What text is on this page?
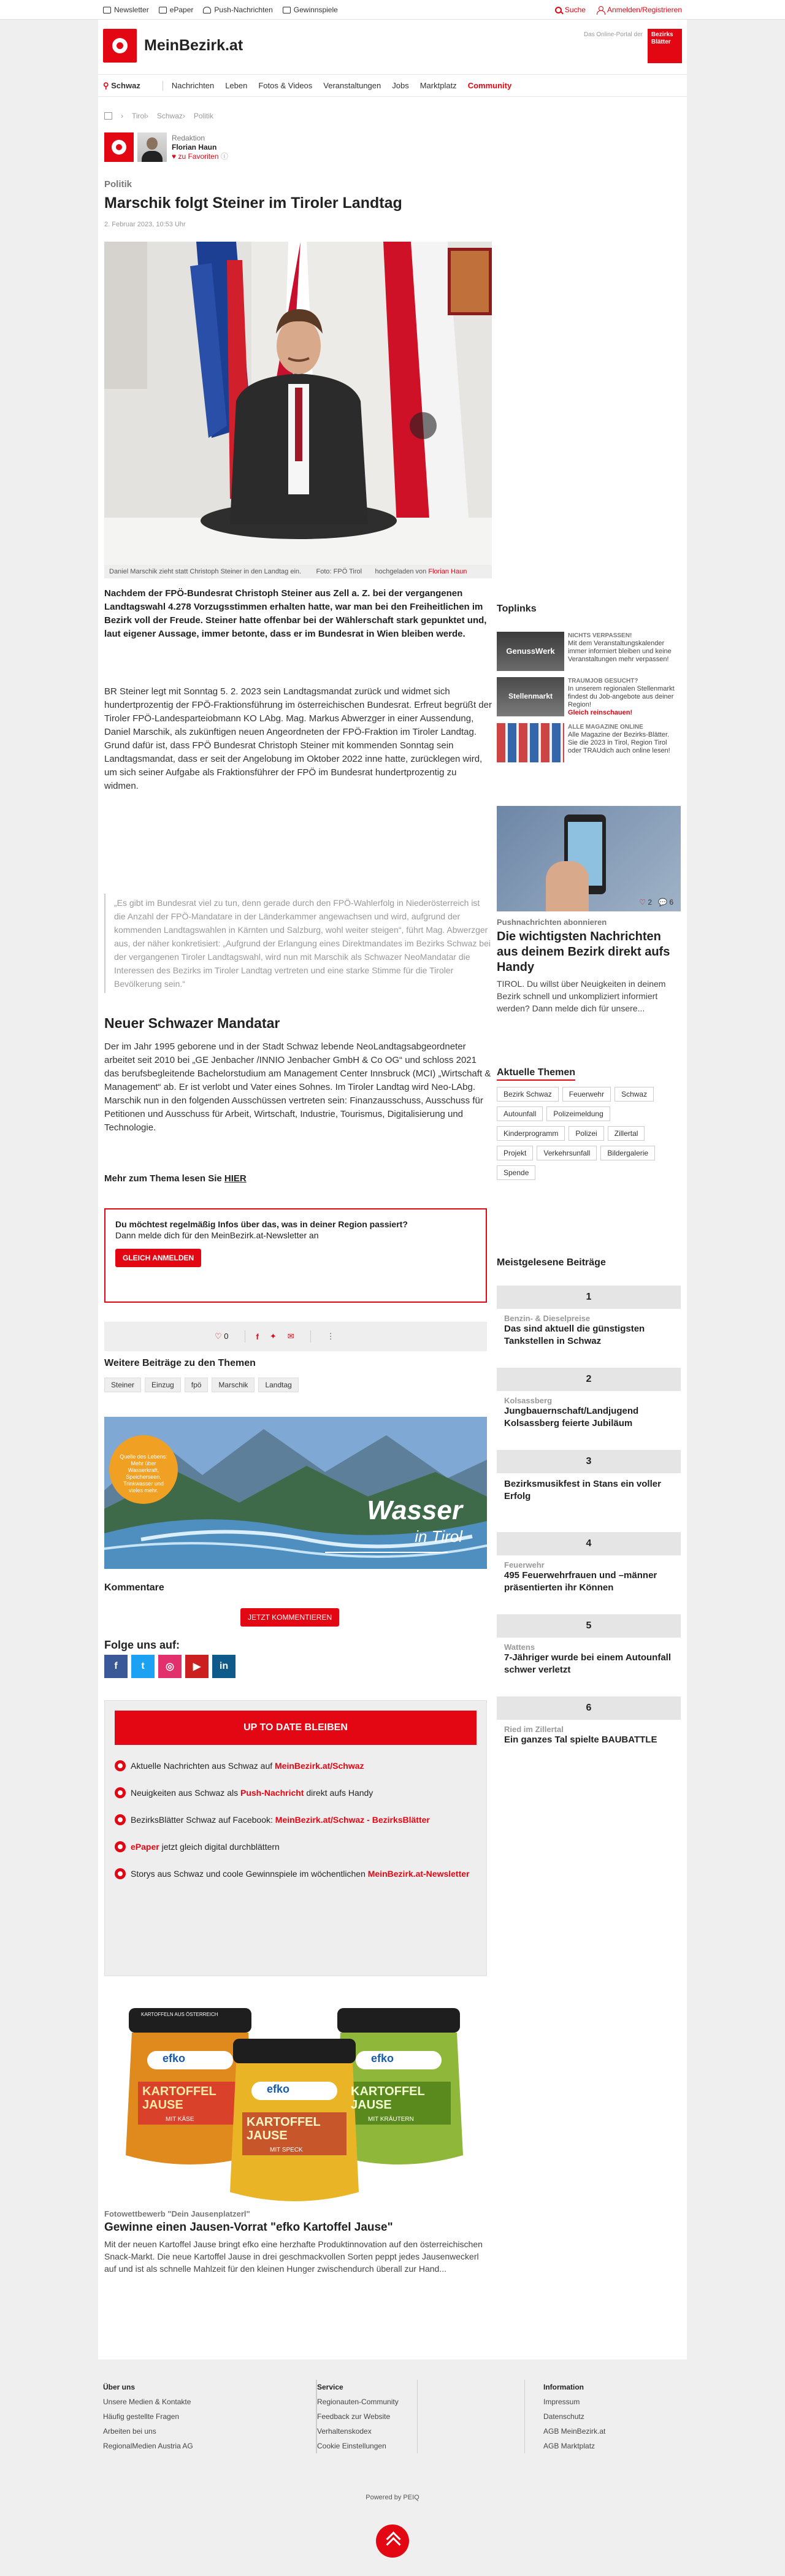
Newsletter	ePaper	Push-Nachrichten	Gewinnspiele	Suche	Anmelden/Registrieren
MeinBezirk.at
Das Online-Portal der	Bezirks Blätter
⚲ Schwaz	Nachrichten Leben Fotos & Videos Veranstaltungen Jobs Marktplatz Community
› Tirol › Schwaz › Politik
Redaktion
Florian Haun
♥ zu Favoriten ⓘ
Politik
Marschik folgt Steiner im Tiroler Landtag
2. Februar 2023, 10:53 Uhr
Daniel Marschik zieht statt Christoph Steiner in den Landtag ein. Foto: FPÖ Tirol hochgeladen von Florian Haun

Nachdem der FPÖ-Bundesrat Christoph Steiner aus Zell a. Z. bei der vergangenen Landtagswahl 4.278 Vorzugsstimmen erhalten hatte, war man bei den Freiheitlichen im Bezirk voll der Freude. Steiner hatte offenbar bei der Wählerschaft stark gepunktet und, laut eigener Aussage, immer betonte, dass er im Bundesrat in Wien bleiben werde.

BR Steiner legt mit Sonntag 5. 2. 2023 sein Landtagsmandat zurück und widmet sich hundertprozentig der FPÖ-Fraktionsführung im österreichischen Bundesrat. Erfreut begrüßt der Tiroler FPÖ-Landesparteiobmann KO LAbg. Mag. Markus Abwerzger in einer Aussendung, Daniel Marschik, als zukünftigen neuen Angeordneten der FPÖ-Fraktion im Tiroler Landtag. Grund dafür ist, dass FPÖ Bundesrat Christoph Steiner mit kommenden Sonntag sein Landtagsmandat, dass er seit der Angelobung im Oktober 2022 inne hatte, zurücklegen wird, um sich seiner Aufgabe als Fraktionsführer der FPÖ im Bundesrat hundertprozentig zu widmen.

„Es gibt im Bundesrat viel zu tun, denn gerade durch den FPÖ-Wahlerfolg in Niederösterreich ist die Anzahl der FPÖ-Mandatare in der Länderkammer angewachsen und wird, aufgrund der kommenden Landtagswahlen in Kärnten und Salzburg, wohl weiter steigen“, führt Mag. Abwerzger aus, der näher konkretisiert: „Aufgrund der Erlangung eines Direktmandates im Bezirks Schwaz bei der vergangenen Tiroler Landtagswahl, wird nun mit Marschik als Schwazer NeoMandatar die Interessen des Bezirks im Tiroler Landtag vertreten und eine starke Stimme für die Tiroler Bevölkerung sein.“
Neuer Schwazer Mandatar

Der im Jahr 1995 geborene und in der Stadt Schwaz lebende NeoLandtagsabgeordneter arbeitet seit 2010 bei „GE Jenbacher /INNIO Jenbacher GmbH & Co OG“ und schloss 2021 das berufsbegleitende Bachelorstudium am Management Center Innsbruck (MCI) „Wirtschaft & Management“ ab. Er ist verlobt und Vater eines Sohnes. Im Tiroler Landtag wird Neo-LAbg. Marschik nun in den folgenden Ausschüssen vertreten sein: Finanzausschuss, Ausschuss für Petitionen und Ausschuss für Arbeit, Wirtschaft, Industrie, Tourismus, Digitalisierung und Technologie.

Mehr zum Thema lesen Sie HIER
Du möchtest regelmäßig Infos über das, was in deiner Region passiert?
Dann melde dich für den MeinBezirk.at-Newsletter an
GLEICH ANMELDEN
♡ 0	f ✦ ✉	⋮
Weitere Beiträge zu den Themen
Steiner	Einzug	fpö	Marschik	Landtag
Quelle des Lebens: Mehr über Wasserkraft, Speicherseen, Trinkwasser und vieles mehr.
Wasser
in Tirol
Kommentare
JETZT KOMMENTIEREN
Folge uns auf:
f	t	◎	▶	in
UP TO DATE BLEIBEN
Aktuelle Nachrichten aus Schwaz auf MeinBezirk.at/Schwaz
Neuigkeiten aus Schwaz als Push-Nachricht direkt aufs Handy
BezirksBlätter Schwaz auf Facebook: MeinBezirk.at/Schwaz - BezirksBlätter
ePaper jetzt gleich digital durchblättern
Storys aus Schwaz und coole Gewinnspiele im wöchentlichen MeinBezirk.at-Newsletter
KARTOFFELN AUS ÖSTERREICH
efko
KARTOFFEL JAUSE
MIT KÄSE
efko
KARTOFFEL JAUSE
MIT SPECK
efko
KARTOFFEL JAUSE
MIT KRÄUTERN
Fotowettbewerb "Dein Jausenplatzerl"
Gewinne einen Jausen-Vorrat "efko Kartoffel Jause"
Mit der neuen Kartoffel Jause bringt efko eine herzhafte Produktinnovation auf den österreichischen Snack-Markt. Die neue Kartoffel Jause in drei geschmackvollen Sorten peppt jedes Jausenweckerl auf und ist als schnelle Mahlzeit für den kleinen Hunger zwischendurch überall zur Hand...
GenussWerk
NICHTS VERPASSEN!
Mit dem Veranstaltungskalender immer informiert bleiben und keine Veranstaltungen mehr verpassen!
Stellenmarkt
TRAUMJOB GESUCHT?
In unserem regionalen Stellenmarkt findest du Job-angebote aus deiner Region!
Gleich reinschauen!
ALLE MAGAZINE ONLINE
Alle Magazine der Bezirks-Blätter. Sie die 2023 in Tirol, Region Tirol oder TRAUdich auch online lesen!
Toplinks
♡ 2 💬 6
Pushnachrichten abonnieren
Die wichtigsten Nachrichten aus deinem Bezirk direkt aufs Handy
TIROL. Du willst über Neuigkeiten in deinem Bezirk schnell und unkompliziert informiert werden? Dann melde dich für unsere...
Aktuelle Themen
Bezirk Schwaz Feuerwehr SchwazAutounfall PolizeimeldungKinderprogramm Polizei ZillertalProjekt Verkehrsunfall BildergalerieSpende
Meistgelesene Beiträge
1
Benzin- & Dieselpreise
Das sind aktuell die günstigsten Tankstellen in Schwaz
2
Kolsassberg
Jungbauernschaft/Landjugend Kolsassberg feierte Jubiläum
3
Bezirksmusikfest in Stans ein voller Erfolg
4
Feuerwehr
495 Feuerwehrfrauen und –männer präsentierten ihr Können
5
Wattens
7-Jähriger wurde bei einem Autounfall schwer verletzt
6
Ried im Zillertal
Ein ganzes Tal spielte BAUBATTLE
Über uns
Unsere Medien & Kontakte
Häufig gestellte Fragen
Arbeiten bei uns
RegionalMedien Austria AG
Service
Regionauten-Community
Feedback zur Website
Verhaltenskodex
Cookie Einstellungen
Information
Impressum
Datenschutz
AGB MeinBezirk.at
AGB Marktplatz
Powered by PEIQ
